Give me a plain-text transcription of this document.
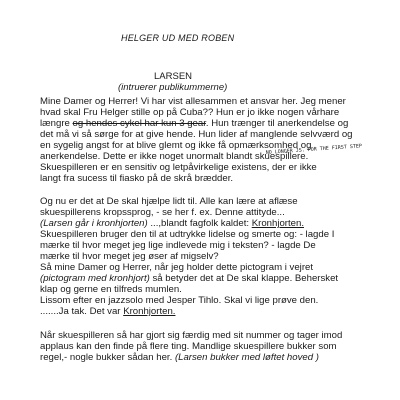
HELGER UD MED ROBEN
LARSEN
(intruerer publikummerne)
Mine Damer og Herrer! Vi har vist allesammen et ansvar her. Jeg mener
hvad skal Fru Helger stille op på Cuba?? Hun er jo ikke nogen vårhare
længre og hendes cykel har kun 3 gear. Hun trænger til anerkendelse og
det må vi så sørge for at give hende. Hun lider af manglende selvværd og
en sygelig angst for at blive glemt og ikke få opmærksomhed og
anerkendelse. Dette er ikke noget unormalt blandt skuespillere.
NO LONGER JS. FOR THE FIRST STEP
Skuespilleren er en sensitiv og letpåvirkelige existens, der er ikke
langt fra sucess til fiasko på de skrå brædder.
Og nu er det at De skal hjælpe lidt til. Alle kan lære at aflæse
skuespillerens kropssprog, - se her f. ex. Denne attityde...
(Larsen går i kronhjorten) ...,blandt fagfolk kaldet: Kronhjorten.
Skuespilleren bruger den til at udtrykke lidelse og smerte og: - lagde I
mærke til hvor meget jeg lige indlevede mig i teksten? - lagde De
mærke til hvor meget jeg øser af migselv?
Så mine Damer og Herrer, når jeg holder dette pictogram i vejret
(pictogram med kronhjort) så betyder det at De skal klappe. Behersket
klap og gerne en tilfreds mumlen.
Lissom efter en jazzsolo med Jesper Tihlo. Skal vi lige prøve den.
.......Ja tak. Det var Kronhjorten.
Når skuespilleren så har gjort sig færdig med sit nummer og tager imod
applaus kan den finde på flere ting. Mandlige skuespillere bukker som
regel,- nogle bukker sådan her. (Larsen bukker med løftet hoved )
